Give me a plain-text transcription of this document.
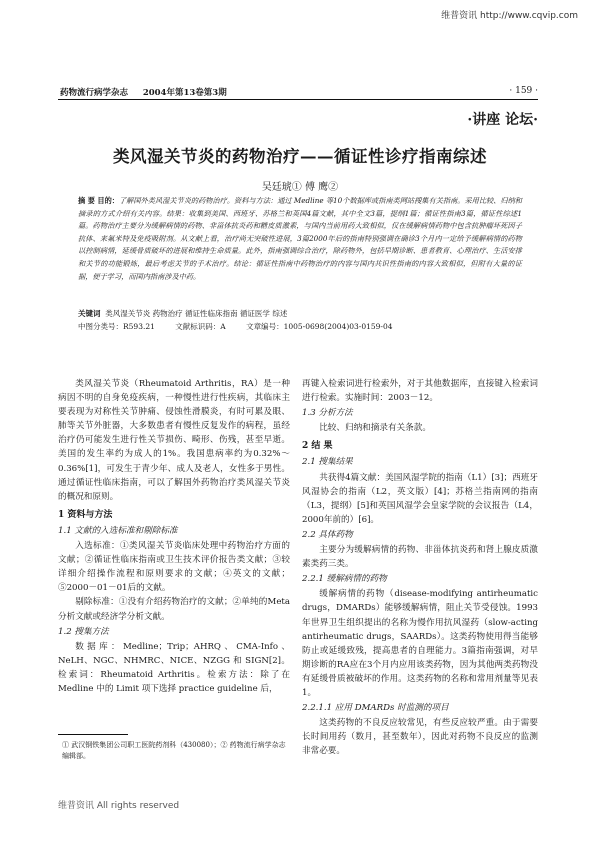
维普资讯 http://www.cqvip.com
药物流行病学杂志 2004年第13卷第3期	· 159 ·
·讲座 论坛·
类风湿关节炎的药物治疗——循证性诊疗指南综述
吴廷琥① 傅 鹰②
摘 要 目的：了解国外类风湿关节炎的药物治疗。资料与方法：通过 Medline 等10个数据库或指南类网站搜集有关指南。采用比较、归纳和摘录的方式介绍有关内容。结果：收集到美国、西班牙、苏格兰和英国4篇文献，其中全文3篇，提纲1篇；循证性指南3篇，循证性综述1篇。药物治疗主要分为缓解病情的药物、非甾体抗炎药和糖皮质激素，与国内当前用药大致相似，仅在缓解病情药物中包含抗肿瘤坏死因子抗体、来氟米特及免疫吸附剂。从文献上看，治疗尚无突破性进展，3篇2000年后的指南特别强调在确诊3个月内一定给予缓解病情的药物以控制病情，延缓骨质破坏的进展和维持生命质量。此外，指南强调综合治疗，除药物外，包括早期诊断、患者教育、心理治疗、生活安排和关节的功能锻炼，最后考虑关节的手术治疗。结论：循证性指南中药物治疗的内容与国内共识性指南的内容大致相似，但附有大量的证据，便于学习，而国内指南涉及中药。
关键词 类风湿关节炎 药物治疗 循证性临床指南 循证医学 综述
中图分类号：R593.21	文献标识码：A	文章编号：1005-0698(2004)03-0159-04

类风湿关节炎（Rheumatoid Arthritis，RA）是一种病因不明的自身免疫疾病，一种慢性进行性疾病，其临床主要表现为对称性关节肿痛、侵蚀性滑膜炎，有时可累及眼、肺等关节外脏器，大多数患者有慢性反复发作的病程，虽经治疗仍可能发生进行性关节损伤、畸形、伤残，甚至早逝。美国的发生率约为成人的1%。我国患病率约为0.32%～0.36%[1]，可发生于青少年、成人及老人，女性多于男性。通过循证性临床指南，可以了解国外药物治疗类风湿关节炎的概况和原则。

1 资料与方法

1.1 文献的入选标准和剔除标准

入选标准：①类风湿关节炎临床处理中药物治疗方面的文献；②循证性临床指南或卫生技术评价报告类文献；③较详细介绍操作流程和原则要求的文献；④英文的文献；⑤2000－01－01后的文献。

剔除标准：①没有介绍药物治疗的文献；②单纯的Meta分析文献或经济学分析文献。

1.2 搜集方法

数据库：Medline；Trip；AHRQ、CMA-Info、NeLH、NGC、NHMRC、NICE、NZGG 和 SIGN[2]。检索词：Rheumatoid Arthritis。检索方法：除了在 Medline 中的 Limit 项下选择 practice guideline 后，

再键入检索词进行检索外，对于其他数据库，直接键入检索词进行检索。实施时间：2003－12。

1.3 分析方法

比较、归纳和摘录有关条款。

2 结 果

2.1 搜集结果

共获得4篇文献：美国风湿学院的指南（L1）[3]；西班牙风湿协会的指南（L2，英文版）[4]；苏格兰指南网的指南（L3，提纲）[5]和英国风湿学会皇家学院的会议报告（L4，2000年前的）[6]。

2.2 具体药物

主要分为缓解病情的药物、非甾体抗炎药和肾上腺皮质激素类药三类。

2.2.1 缓解病情的药物

缓解病情的药物（disease-modifying antirheumatic drugs，DMARDs）能够缓解病情，阻止关节受侵蚀。1993年世界卫生组织提出的名称为慢作用抗风湿药（slow-acting antirheumatic drugs，SAARDs）。这类药物使用得当能够防止或延缓致残，提高患者的自理能力。3篇指南强调，对早期诊断的RA应在3个月内应用该类药物，因为其他两类药物没有延缓骨质被破坏的作用。这类药物的名称和常用剂量等见表1。

2.2.1.1 应用 DMARDs 时监测的项目

这类药物的不良反应较常见，有些反应较严重。由于需要长时间用药（数月，甚至数年），因此对药物不良反应的监测非常必要。

① 武汉钢铁集团公司职工医院药剂科（430080）；② 药物流行病学杂志编辑部。
维普资讯 All rights reserved
